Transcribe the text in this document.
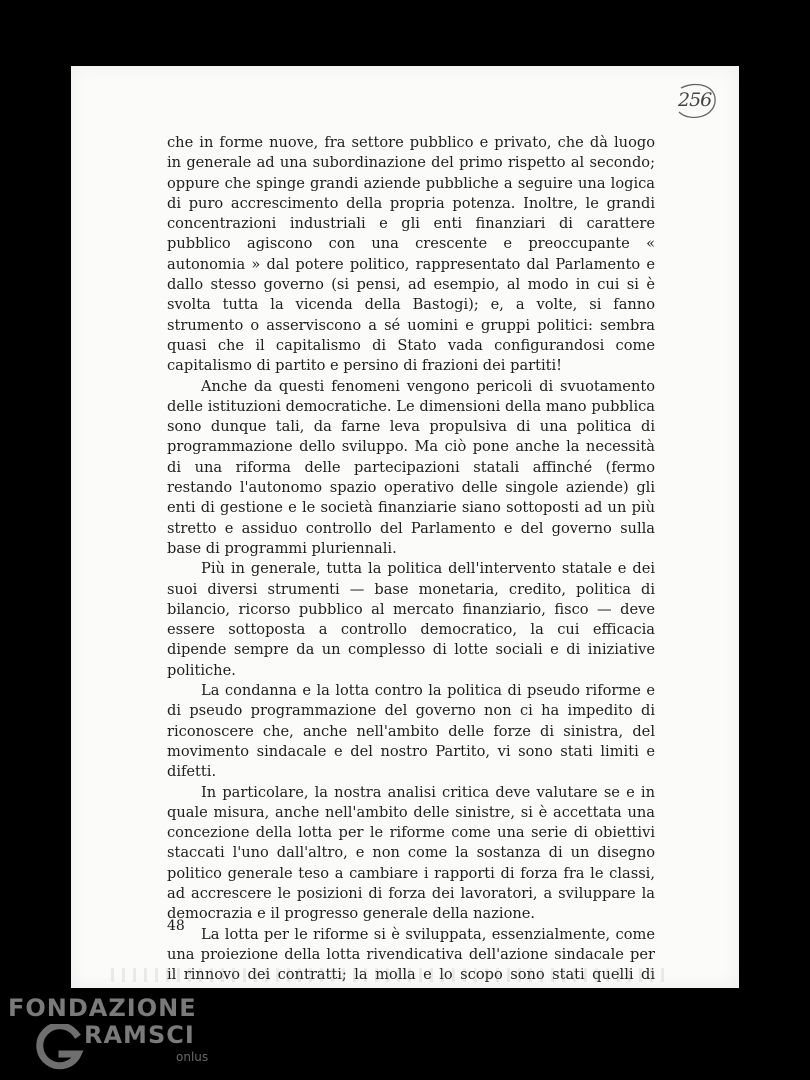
256

che in forme nuove, fra settore pubblico e privato, che dà luogo in generale ad una subordinazione del primo rispetto al secondo; oppure che spinge grandi aziende pubbliche a seguire una logica di puro accrescimento della propria potenza. Inoltre, le grandi concentrazioni industriali e gli enti finanziari di carattere pubblico agiscono con una crescente e preoccupante « autonomia » dal potere politico, rappresentato dal Parlamento e dallo stesso governo (si pensi, ad esempio, al modo in cui si è svolta tutta la vicenda della Bastogi); e, a volte, si fanno strumento o asserviscono a sé uomini e gruppi politici: sembra quasi che il capitalismo di Stato vada configurandosi come capitalismo di partito e persino di frazioni dei partiti!

Anche da questi fenomeni vengono pericoli di svuotamento delle istituzioni democratiche. Le dimensioni della mano pubblica sono dunque tali, da farne leva propulsiva di una politica di programmazione dello sviluppo. Ma ciò pone anche la necessità di una riforma delle partecipazioni statali affinché (fermo restando l'autonomo spazio operativo delle singole aziende) gli enti di gestione e le società finanziarie siano sottoposti ad un più stretto e assiduo controllo del Parlamento e del governo sulla base di programmi pluriennali.

Più in generale, tutta la politica dell'intervento statale e dei suoi diversi strumenti — base monetaria, credito, politica di bilancio, ricorso pubblico al mercato finanziario, fisco — deve essere sottoposta a controllo democratico, la cui efficacia dipende sempre da un complesso di lotte sociali e di iniziative politiche.

La condanna e la lotta contro la politica di pseudo riforme e di pseudo programmazione del governo non ci ha impedito di riconoscere che, anche nell'ambito delle forze di sinistra, del movimento sindacale e del nostro Partito, vi sono stati limiti e difetti.

In particolare, la nostra analisi critica deve valutare se e in quale misura, anche nell'ambito delle sinistre, si è accettata una concezione della lotta per le riforme come una serie di obiettivi staccati l'uno dall'altro, e non come la sostanza di un disegno politico generale teso a cambiare i rapporti di forza fra le classi, ad accrescere le posizioni di forza dei lavoratori, a sviluppare la democrazia e il progresso generale della nazione.

La lotta per le riforme si è sviluppata, essenzialmente, come una proiezione della lotta rivendicativa dell'azione sindacale per il rinnovo dei contratti; la molla e lo scopo sono stati quelli di

48
FONDAZIONE
RAMSCI
onlus
